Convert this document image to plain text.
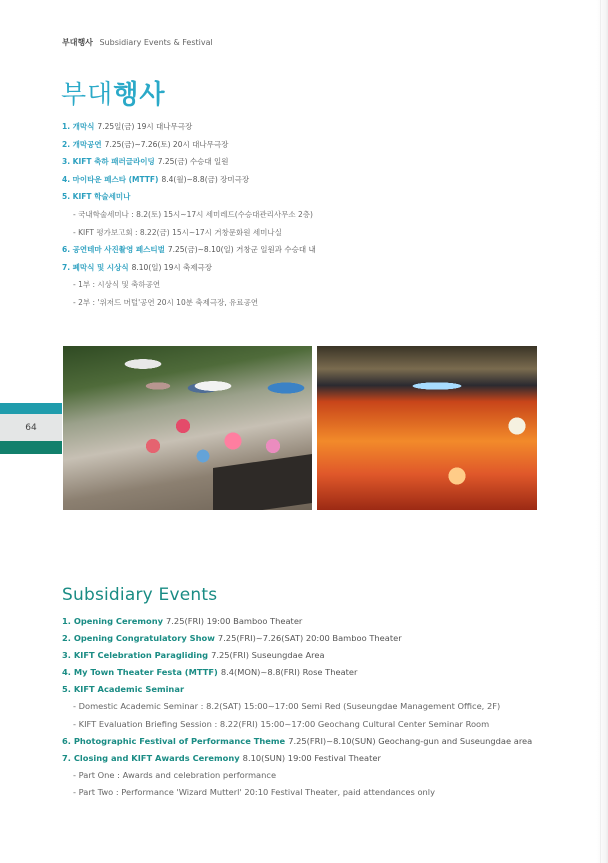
부대행사 Subsidiary Events & Festival
부대행사
1. 개막식 7.25일(금) 19시 대나무극장
2. 개막공연 7.25(금)~7.26(토) 20시 대나무극장
3. KIFT 축하 패러글라이딩 7.25(금) 수승대 일원
4. 마이타운 페스타 (MTTF) 8.4(월)~8.8(금) 장미극장
5. KIFT 학술세미나
- 국내학술세미나 : 8.2(토) 15시~17시 세미레드(수승대관리사무소 2층)
- KIFT 평가보고회 : 8.22(금) 15시~17시 거창문화원 세미나실
6. 공연테마 사진촬영 페스티벌 7.25(금)~8.10(일) 거창군 일원과 수승대 내
7. 폐막식 및 시상식 8.10(일) 19시 축제극장
- 1부 : 시상식 및 축하공연
- 2부 : '위저드 머털'공연 20시 10분 축제극장, 유료공연
64
Subsidiary Events
1. Opening Ceremony 7.25(FRI) 19:00 Bamboo Theater
2. Opening Congratulatory Show 7.25(FRI)~7.26(SAT) 20:00 Bamboo Theater
3. KIFT Celebration Paragliding 7.25(FRI) Suseungdae Area
4. My Town Theater Festa (MTTF) 8.4(MON)~8.8(FRI) Rose Theater
5. KIFT Academic Seminar
- Domestic Academic Seminar : 8.2(SAT) 15:00~17:00 Semi Red (Suseungdae Management Office, 2F)
- KIFT Evaluation Briefing Session : 8.22(FRI) 15:00~17:00 Geochang Cultural Center Seminar Room
6. Photographic Festival of Performance Theme 7.25(FRI)~8.10(SUN) Geochang-gun and Suseungdae area
7. Closing and KIFT Awards Ceremony 8.10(SUN) 19:00 Festival Theater
- Part One : Awards and celebration performance
- Part Two : Performance 'Wizard Mutterl' 20:10 Festival Theater, paid attendances only
